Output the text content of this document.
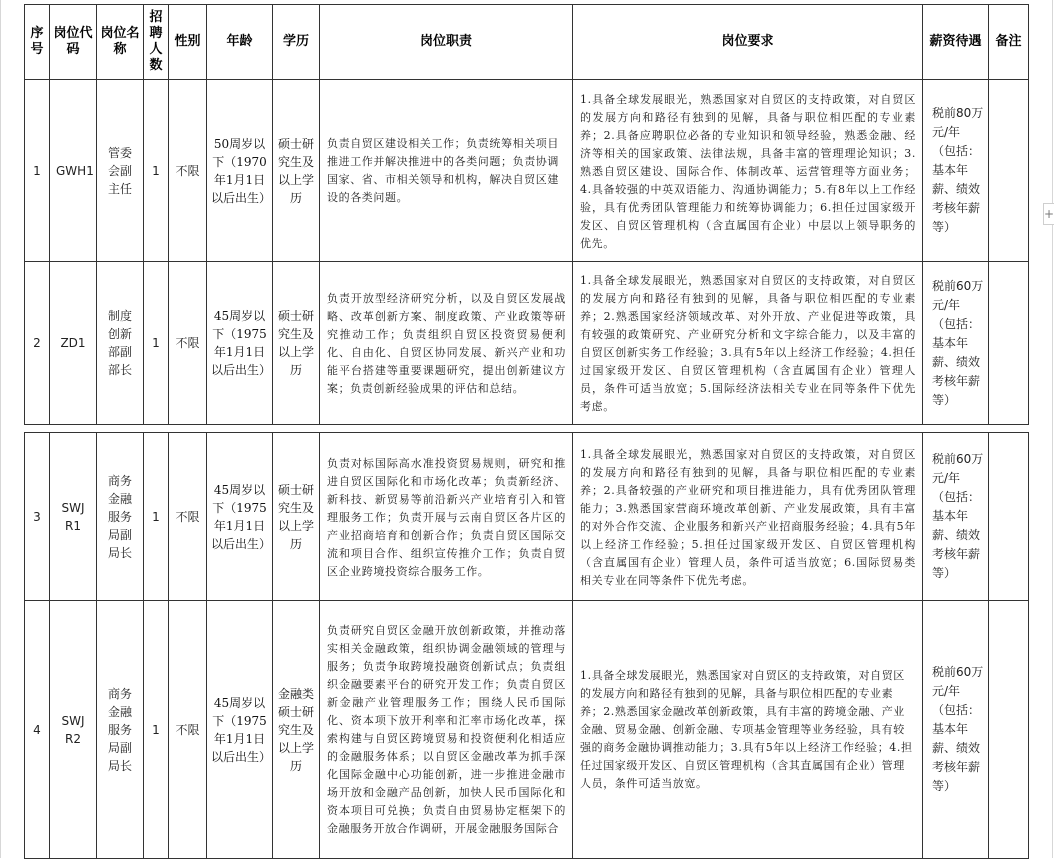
序号	岗位代码	岗位名称	招聘人数	性别	年龄	学历	岗位职责	岗位要求	薪资待遇	备注

1	GWH1	管委会副主任	1	不限	50周岁以下（1970年1月1日以后出生）	硕士研究生及以上学历	负责自贸区建设相关工作；负责统筹相关项目推进工作并解决推进中的各类问题；负责协调国家、省、市相关领导和机构，解决自贸区建设的各类问题。	1.具备全球发展眼光，熟悉国家对自贸区的支持政策，对自贸区的发展方向和路径有独到的见解，具备与职位相匹配的专业素养；2.具备应聘职位必备的专业知识和领导经验，熟悉金融、经济等相关的国家政策、法律法规，具备丰富的管理理论知识；3.熟悉自贸区建设、国际合作、体制改革、运营管理等方面业务；4.具备较强的中英双语能力、沟通协调能力；5.有8年以上工作经验，具有优秀团队管理能力和统筹协调能力；6.担任过国家级开发区、自贸区管理机构（含直属国有企业）中层以上领导职务的优先。	税前80万元/年（包括：基本年薪、绩效考核年薪等）	

2	ZD1	制度创新部副部长	1	不限	45周岁以下（1975年1月1日以后出生）	硕士研究生及以上学历	负责开放型经济研究分析，以及自贸区发展战略、改革创新方案、制度政策、产业政策等研究推动工作；负责组织自贸区投资贸易便利化、自由化、自贸区协同发展、新兴产业和功能平台搭建等重要课题研究，提出创新建议方案；负责创新经验成果的评估和总结。	1.具备全球发展眼光，熟悉国家对自贸区的支持政策，对自贸区的发展方向和路径有独到的见解，具备与职位相匹配的专业素养；2.熟悉国家经济领域改革、对外开放、产业促进等政策，具有较强的政策研究、产业研究分析和文字综合能力，以及丰富的自贸区创新实务工作经验；3.具有5年以上经济工作经验；4.担任过国家级开发区、自贸区管理机构（含直属国有企业）管理人员，条件可适当放宽；5.国际经济法相关专业在同等条件下优先考虑。	税前60万元/年（包括：基本年薪、绩效考核年薪等）	

3	SWJR1	商务金融服务局副局长	1	不限	45周岁以下（1975年1月1日以后出生）	硕士研究生及以上学历	负责对标国际高水准投资贸易规则，研究和推进自贸区国际化和市场化改革；负责新经济、新科技、新贸易等前沿新兴产业培育引入和管理服务工作；负责开展与云南自贸区各片区的产业招商培育和创新合作；负责自贸区国际交流和项目合作、组织宣传推介工作；负责自贸区企业跨境投资综合服务工作。	1.具备全球发展眼光，熟悉国家对自贸区的支持政策，对自贸区的发展方向和路径有独到的见解，具备与职位相匹配的专业素养；2.具备较强的产业研究和项目推进能力，具有优秀团队管理能力；3.熟悉国家营商环境改革创新、产业发展政策，具有丰富的对外合作交流、企业服务和新兴产业招商服务经验；4.具有5年以上经济工作经验；5.担任过国家级开发区、自贸区管理机构（含直属国有企业）管理人员，条件可适当放宽；6.国际贸易类相关专业在同等条件下优先考虑。	税前60万元/年（包括：基本年薪、绩效考核年薪等）	

4	SWJR2	商务金融服务局副局长	1	不限	45周岁以下（1975年1月1日以后出生）	金融类硕士研究生及以上学历	负责研究自贸区金融开放创新政策，并推动落实相关金融政策，组织协调金融领域的管理与服务；负责争取跨境投融资创新试点；负责组织金融要素平台的研究开发工作；负责自贸区新金融产业管理服务工作；围绕人民币国际化、资本项下放开利率和汇率市场化改革，探索构建与自贸区跨境贸易和投资便利化相适应的金融服务体系；以自贸区金融改革为抓手深化国际金融中心功能创新，进一步推进金融市场开放和金融产品创新，加快人民币国际化和资本项目可兑换；负责自由贸易协定框架下的金融服务开放合作调研，开展金融服务国际合	1.具备全球发展眼光，熟悉国家对自贸区的支持政策，对自贸区的发展方向和路径有独到的见解，具备与职位相匹配的专业素养；2.熟悉国家金融改革创新政策，具有丰富的跨境金融、产业金融、贸易金融、创新金融、专项基金管理等业务经验，具有较强的商务金融协调推动能力；3.具有5年以上经济工作经验；4.担任过国家级开发区、自贸区管理机构（含其直属国有企业）管理人员，条件可适当放宽。	税前60万元/年（包括：基本年薪、绩效考核年薪等）	

+
